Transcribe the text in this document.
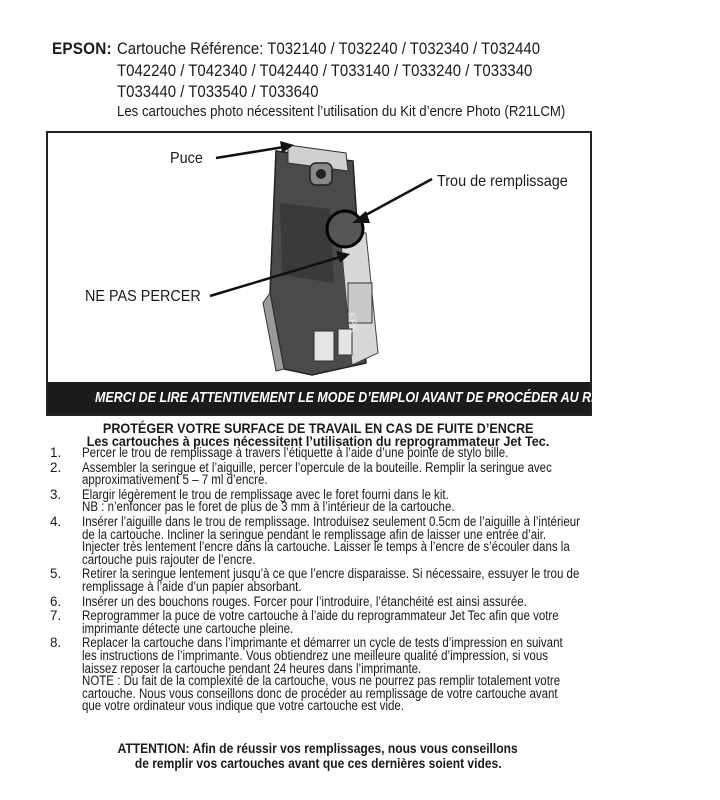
EPSON: Cartouche Référence: T032140 / T032240 / T032340 / T032440
T042240 / T042340 / T042440 / T033140 / T033240 / T033340
T033440 / T033540 / T033640
Les cartouches photo nécessitent l’utilisation du Kit d’encre Photo (R21LCM)
KPK
Puce
Trou de remplissage
NE PAS PERCER
MERCI DE LIRE ATTENTIVEMENT LE MODE D’EMPLOI AVANT DE PROCÉDER AU REMPLISSAGE
PROTÉGER VOTRE SURFACE DE TRAVAIL EN CAS DE FUITE D’ENCRE
Les cartouches à puces nécessitent l’utilisation du reprogrammateur Jet Tec.
1. Percer le trou de remplissage à travers l’étiquette à l’aide d’une pointe de stylo bille.
2. Assembler la seringue et l’aiguille, percer l’opercule de la bouteille. Remplir la seringue avec
approximativement 5 – 7 ml d’encre.
3. Elargir légèrement le trou de remplissage avec le foret fourni dans le kit.
NB : n’enfoncer pas le foret de plus de 3 mm à l’intérieur de la cartouche.
4. Insérer l’aiguille dans le trou de remplissage. Introduisez seulement 0.5cm de l’aiguille à l’intérieur
de la cartouche. Incliner la seringue pendant le remplissage afin de laisser une entrée d’air.
Injecter très lentement l’encre dans la cartouche. Laisser le temps à l’encre de s’écouler dans la
cartouche puis rajouter de l’encre.
5. Retirer la seringue lentement jusqu’à ce que l’encre disparaisse. Si nécessaire, essuyer le trou de
remplissage à l’aide d’un papier absorbant.
6. Insérer un des bouchons rouges. Forcer pour l’introduire, l’étanchéité est ainsi assurée.
7. Reprogrammer la puce de votre cartouche à l’aide du reprogrammateur Jet Tec afin que votre
imprimante détecte une cartouche pleine.
8. Replacer la cartouche dans l’imprimante et démarrer un cycle de tests d’impression en suivant
les instructions de l’imprimante. Vous obtiendrez une meilleure qualité d’impression, si vous
laissez reposer la cartouche pendant 24 heures dans l’imprimante.
NOTE : Du fait de la complexité de la cartouche, vous ne pourrez pas remplir totalement votre
cartouche. Nous vous conseillons donc de procéder au remplissage de votre cartouche avant
que votre ordinateur vous indique que votre cartouche est vide.
ATTENTION: Afin de réussir vos remplissages, nous vous conseillons
de remplir vos cartouches avant que ces dernières soient vides.
